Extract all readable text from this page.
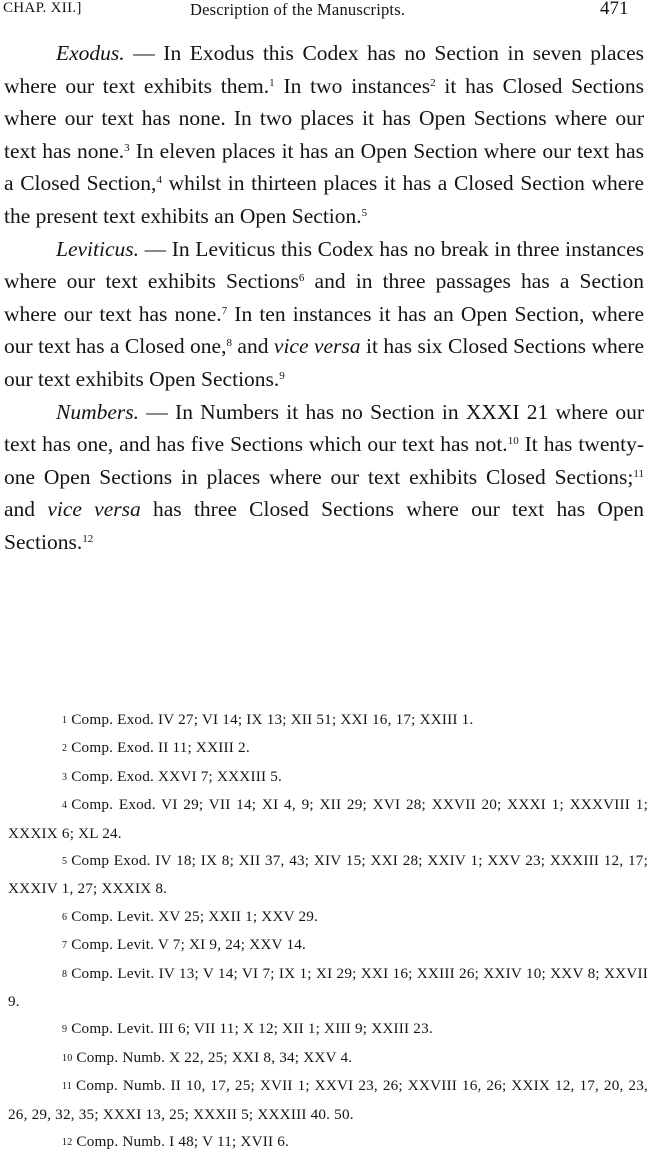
CHAP. XII.]	Description of the Manuscripts.	471

Exodus. — In Exodus this Codex has no Section in seven places where our text exhibits them.$^1$ In two instances$^2$ it has Closed Sections where our text has none. In two places it has Open Sections where our text has none.$^3$ In eleven places it has an Open Section where our text has a Closed Section,$^4$ whilst in thirteen places it has a Closed Section where the present text exhibits an Open Section.$^5$

Leviticus. — In Leviticus this Codex has no break in three instances where our text exhibits Sections$^6$ and in three passages has a Section where our text has none.$^7$ In ten instances it has an Open Section, where our text has a Closed one,$^8$ and vice versa it has six Closed Sections where our text exhibits Open Sections.$^9$

Numbers. — In Numbers it has no Section in XXXI 21 where our text has one, and has five Sections which our text has not.$^{10}$ It has twenty-one Open Sections in places where our text exhibits Closed Sections;$^{11}$ and vice versa has three Closed Sections where our text has Open Sections.$^{12}$

1 Comp. Exod. IV 27; VI 14; IX 13; XII 51; XXI 16, 17; XXIII 1.

2 Comp. Exod. II 11; XXIII 2.

3 Comp. Exod. XXVI 7; XXXIII 5.

4 Comp. Exod. VI 29; VII 14; XI 4, 9; XII 29; XVI 28; XXVII 20; XXXI 1; XXXVIII 1; XXXIX 6; XL 24.

5 Comp Exod. IV 18; IX 8; XII 37, 43; XIV 15; XXI 28; XXIV 1; XXV 23; XXXIII 12, 17; XXXIV 1, 27; XXXIX 8.

6 Comp. Levit. XV 25; XXII 1; XXV 29.

7 Comp. Levit. V 7; XI 9, 24; XXV 14.

8 Comp. Levit. IV 13; V 14; VI 7; IX 1; XI 29; XXI 16; XXIII 26; XXIV 10; XXV 8; XXVII 9.

9 Comp. Levit. III 6; VII 11; X 12; XII 1; XIII 9; XXIII 23.

10 Comp. Numb. X 22, 25; XXI 8, 34; XXV 4.

11 Comp. Numb. II 10, 17, 25; XVII 1; XXVI 23, 26; XXVIII 16, 26; XXIX 12, 17, 20, 23, 26, 29, 32, 35; XXXI 13, 25; XXXII 5; XXXIII 40. 50.

12 Comp. Numb. I 48; V 11; XVII 6.
